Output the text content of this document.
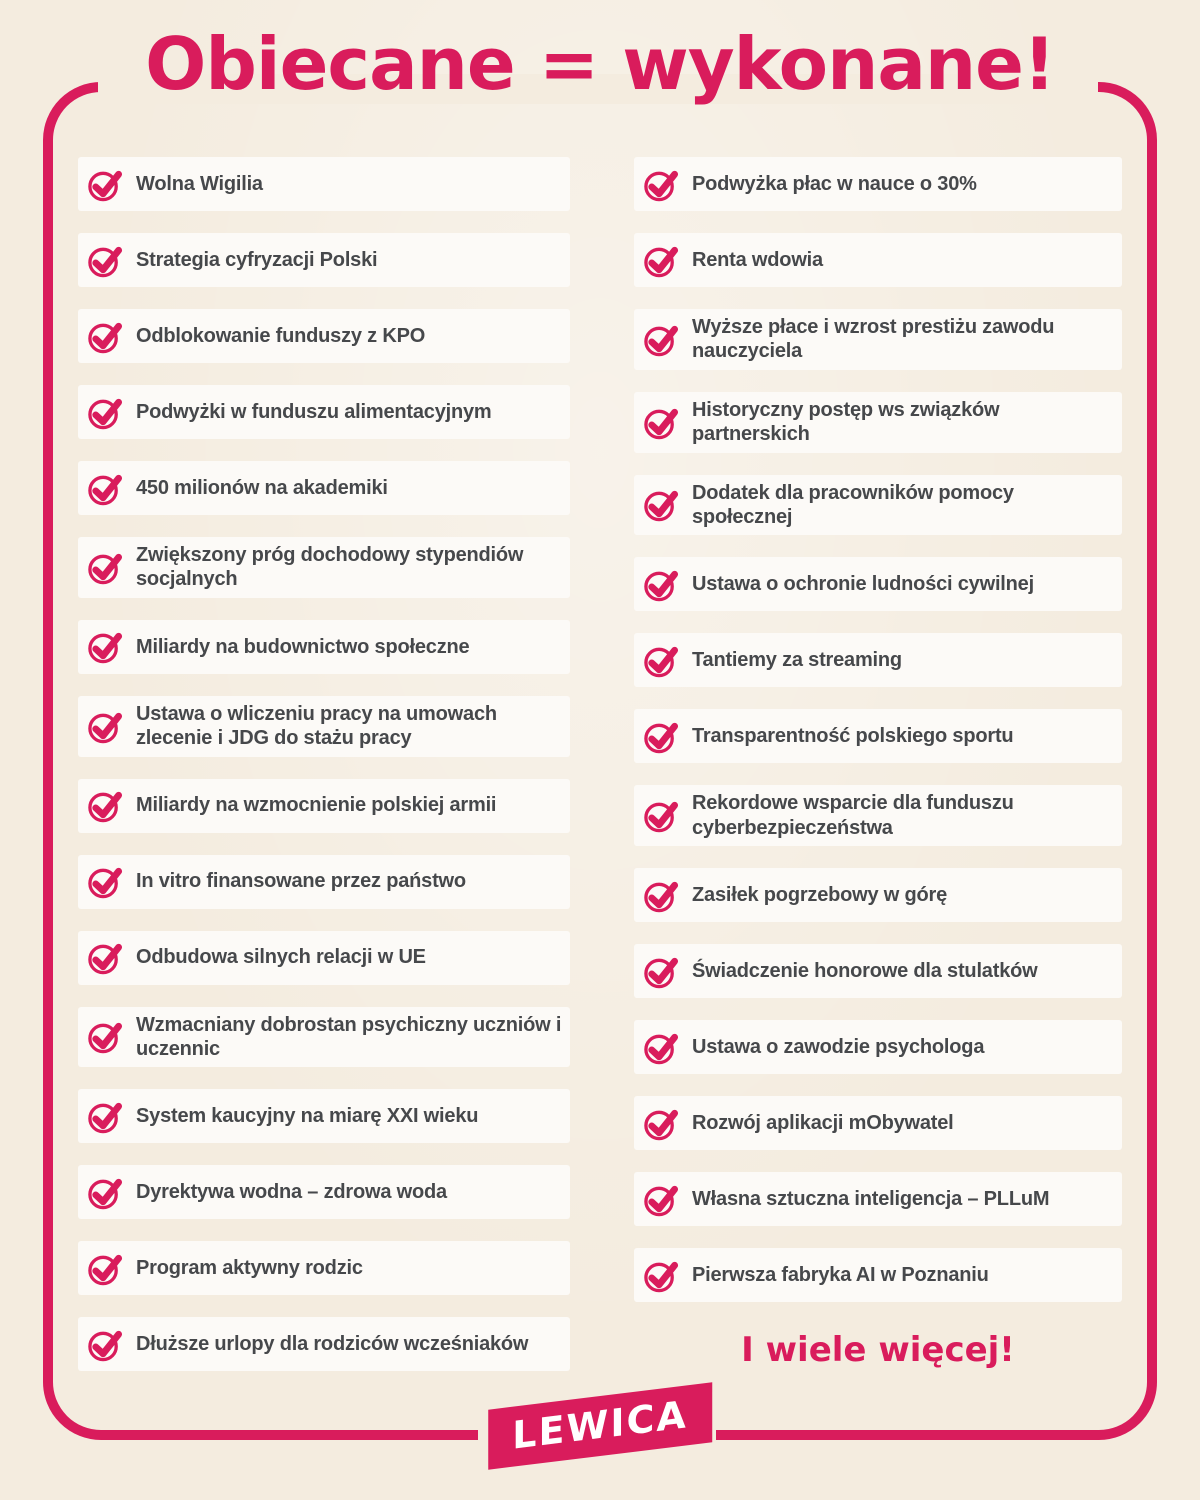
Obiecane = wykonane!
Wolna Wigilia
Strategia cyfryzacji Polski
Odblokowanie funduszy z KPO
Podwyżki w funduszu alimentacyjnym
450 milionów na akademiki
Zwiększony próg dochodowy stypendiów socjalnych
Miliardy na budownictwo społeczne
Ustawa o wliczeniu pracy na umowach zlecenie i JDG do stażu pracy
Miliardy na wzmocnienie polskiej armii
In vitro finansowane przez państwo
Odbudowa silnych relacji w UE
Wzmacniany dobrostan psychiczny uczniów i uczennic
System kaucyjny na miarę XXI wieku
Dyrektywa wodna – zdrowa woda
Program aktywny rodzic
Dłuższe urlopy dla rodziców wcześniaków
Podwyżka płac w nauce o 30%
Renta wdowia
Wyższe płace i wzrost prestiżu zawodu nauczyciela
Historyczny postęp ws związków partnerskich
Dodatek dla pracowników pomocy społecznej
Ustawa o ochronie ludności cywilnej
Tantiemy za streaming
Transparentność polskiego sportu
Rekordowe wsparcie dla funduszu cyberbezpieczeństwa
Zasiłek pogrzebowy w górę
Świadczenie honorowe dla stulatków
Ustawa o zawodzie psychologa
Rozwój aplikacji mObywatel
Własna sztuczna inteligencja – PLLuM
Pierwsza fabryka AI w Poznaniu
I wiele więcej!
LEWICA
